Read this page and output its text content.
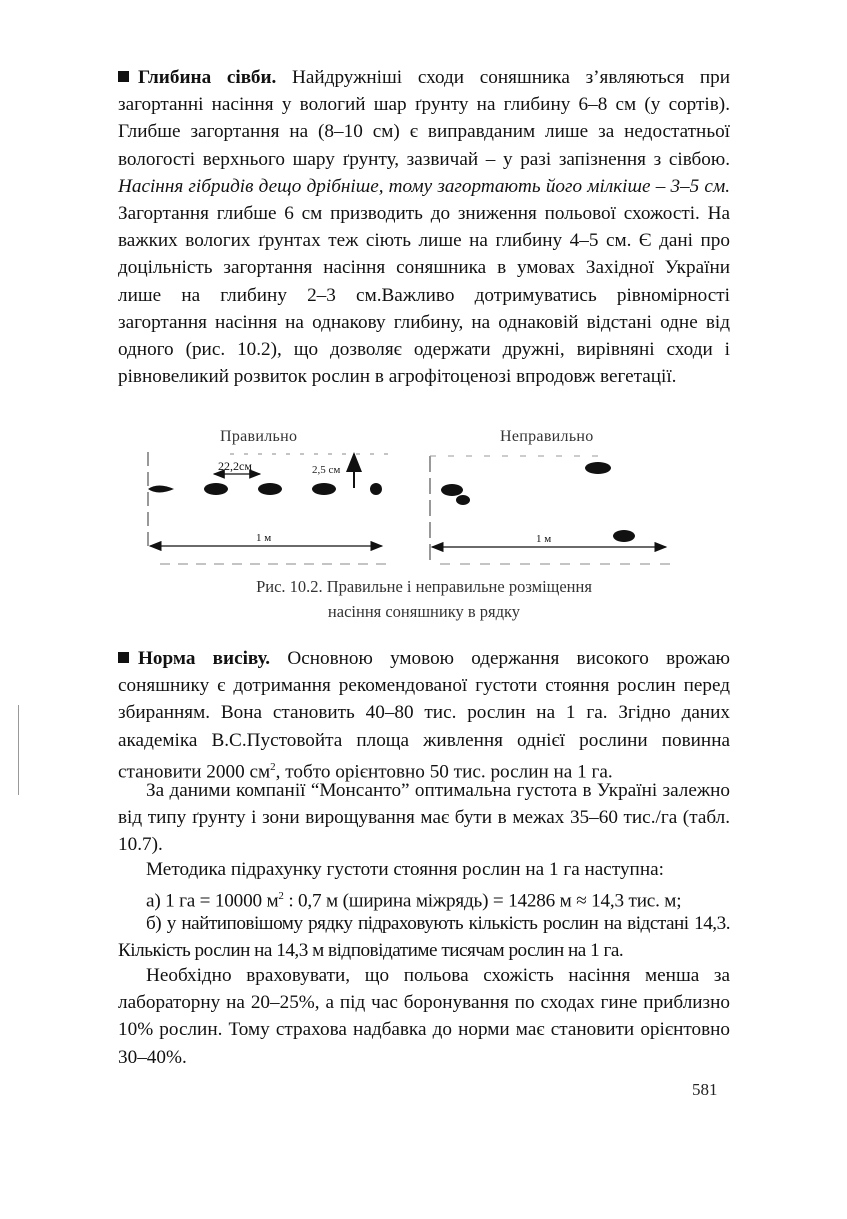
Глибина сівби. Найдружніші сходи соняшника з’являються при загортанні насіння у вологий шар ґрунту на глибину 6–8 см (у сортів). Глибше загортання на (8–10 см) є виправданим лише за недостатньої вологості верхнього шару ґрунту, зазвичай – у разі запізнення з сівбою. Насіння гібридів дещо дрібніше, тому загортають його мілкіше – 3–5 см. Загортання глибше 6 см призводить до зниження польової схожості. На важких вологих ґрунтах теж сіють лише на глибину 4–5 см. Є дані про доцільність загортання насіння соняшника в умовах Західної України лише на глибину 2–3 см.Важливо дотримуватись рівномірності загортання насіння на однакову глибину, на однаковій відстані одне від одного (рис. 10.2), що дозволяє одержати дружні, вирівняні сходи і рівновеликий розвиток рослин в агрофітоценозі впродовж вегетації.

Правильно	Неправильно
22,2см	2,5 см
1 м	1 м
Рис. 10.2. Правильне і неправильне розміщення
насіння соняшнику в рядку

Норма висіву. Основною умовою одержання високого врожаю соняшнику є дотримання рекомендованої густоти стояння рослин перед збиранням. Вона становить 40–80 тис. рослин на 1 га. Згідно даних академіка В.С.Пустовойта площа живлення однієї рослини повинна становити 2000 $см^2$, тобто орієнтовно 50 тис. рослин на 1 га.

За даними компанії “Монсанто” оптимальна густота в Україні залежно від типу ґрунту і зони вирощування має бути в межах 35–60 тис./га (табл. 10.7).

Методика підрахунку густоти стояння рослин на 1 га наступна:

а) 1 га = 10000 $м^2$ : 0,7 м (ширина міжрядь) = 14286 м ≈ 14,3 тис. м;

б) у найтиповішому рядку підраховують кількість рослин на відстані 14,3. Кількість рослин на 14,3 м відповідатиме тисячам рослин на 1 га.

Необхідно враховувати, що польова схожість насіння менша за лабораторну на 20–25%, а під час боронування по сходах гине приблизно 10% рослин. Тому страхова надбавка до норми має становити орієнтовно 30–40%.

581
